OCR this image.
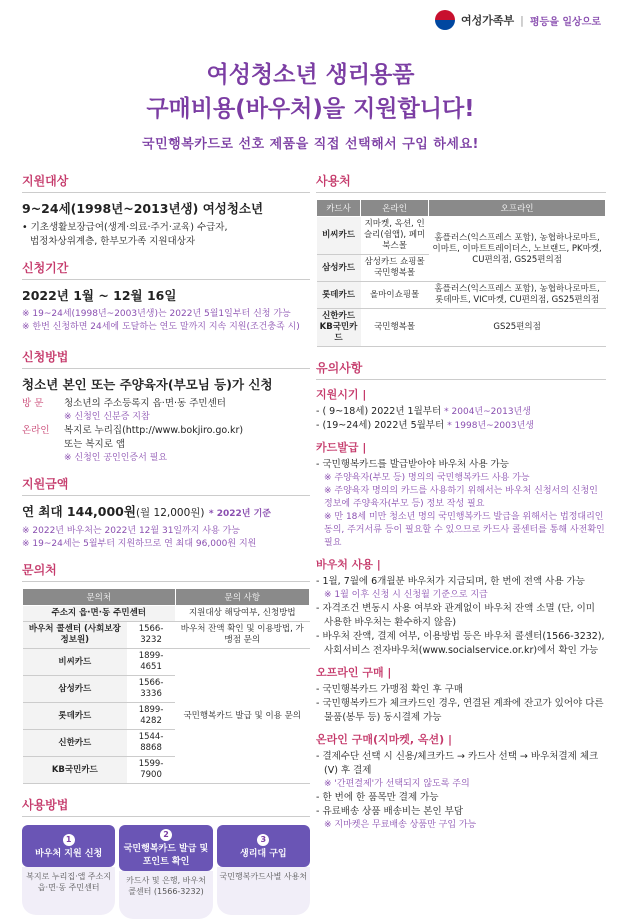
여성가족부 | 평등을 일상으로
여성청소년 생리용품
구매비용(바우처)을 지원합니다!
국민행복카드로 선호 제품을 직접 선택해서 구입 하세요!
지원대상
9~24세(1998년~2013년생) 여성청소년
• 기초생활보장급여(생계·의료·주거·교육) 수급자,
법정차상위계층, 한부모가족 지원대상자
신청기간
2022년 1월 ~ 12월 16일
※ 19~24세(1998년~2003년생)는 2022년 5월1일부터 신청 가능
※ 한번 신청하면 24세에 도달하는 연도 말까지 지속 지원(조건충족 시)
신청방법
청소년 본인 또는 주양육자(부모님 등)가 신청
방 문	청소년의 주소등록지 읍·면·동 주민센터
※ 신청인 신분증 지참
온라인	복지로 누리집(http://www.bokjiro.go.kr)
또는 복지로 앱
※ 신청인 공인인증서 필요
지원금액
연 최대 144,000원(월 12,000원) * 2022년 기준
※ 2022년 바우처는 2022년 12월 31일까지 사용 가능
※ 19~24세는 5월부터 지원하므로 연 최대 96,000원 지원
문의처
문의처		문의 사항
주소지 읍·면·동 주민센터		지원대상 해당여부, 신청방법
바우처 콜센터 (사회보장정보원)	1566-3232	바우처 잔액 확인 및 이용방법, 가맹점 문의
비씨카드	1899-4651	국민행복카드 발급 및 이용 문의
삼성카드	1566-3336	
롯데카드	1899-4282	
신한카드	1544-8868	
KB국민카드	1599-7900	
사용방법
1
바우처 지원 신청
복지로 누리집·앱 주소지 읍·면·동 주민센터
2
국민행복카드 발급 및 포인트 확인
카드사 및 은행, 바우처 콜센터 (1566-3232)
3
생리대 구입
국민행복카드사별 사용처
사용처
카드사	온라인	오프라인
비씨카드	지마켓, 옥션, 인슬리(쉼앱), 페미북스몰	홈플러스(익스프레스 포함), 농협하나로마트, 이마트, 이마트트레이더스, 노브랜드, PK마켓, CU편의점, GS25편의점
삼성카드	삼성카드 쇼핑몰 국민행복몰	
롯데카드	올마이쇼핑몰	홈플러스(익스프레스 포함), 농협하나로마트, 롯데마트, VIC마켓, CU편의점, GS25편의점
신한카드 KB국민카드	국민행복몰	GS25편의점
유의사항
지원시기 |
- ( 9~18세) 2022년 1월부터 * 2004년~2013년생
- (19~24세) 2022년 5월부터 * 1998년~2003년생
카드발급 |
- 국민행복카드를 발급받아야 바우처 사용 가능
※ 주양육자(부모 등) 명의의 국민행복카드 사용 가능
※ 주양육자 명의의 카드를 사용하기 위해서는 바우처 신청서의 신청인 정보에 주양육자(부모 등) 정보 작성 필요
※ 만 18세 미만 청소년 명의 국민행복카드 발급을 위해서는 법정대리인 동의, 주거서류 등이 필요할 수 있으므로 카드사 콜센터를 통해 사전확인 필요
바우처 사용 |
- 1월, 7월에 6개월분 바우처가 지급되며, 한 번에 전액 사용 가능
※ 1월 이후 신청 시 신청월 기준으로 지급
- 자격조건 변동시 사용 여부와 관계없이 바우처 잔액 소멸 (단, 이미 사용한 바우처는 환수하지 않음)
- 바우처 잔액, 결제 여부, 이용방법 등은 바우처 콜센터(1566-3232), 사회서비스 전자바우처(www.socialservice.or.kr)에서 확인 가능
오프라인 구매 |
- 국민행복카드 가맹점 확인 후 구매
- 국민행복카드가 체크카드인 경우, 연결된 계좌에 잔고가 있어야 다른 물품(봉투 등) 동시결제 가능
온라인 구매(지마켓, 옥션) |
- 결제수단 선택 시 신용/체크카드 → 카드사 선택 → 바우처결제 체크(V) 후 결제
※ '간편결제'가 선택되지 않도록 주의
- 한 번에 한 품목만 결제 가능
- 유료배송 상품 배송비는 본인 부담
※ 지마켓은 무료배송 상품만 구입 가능
